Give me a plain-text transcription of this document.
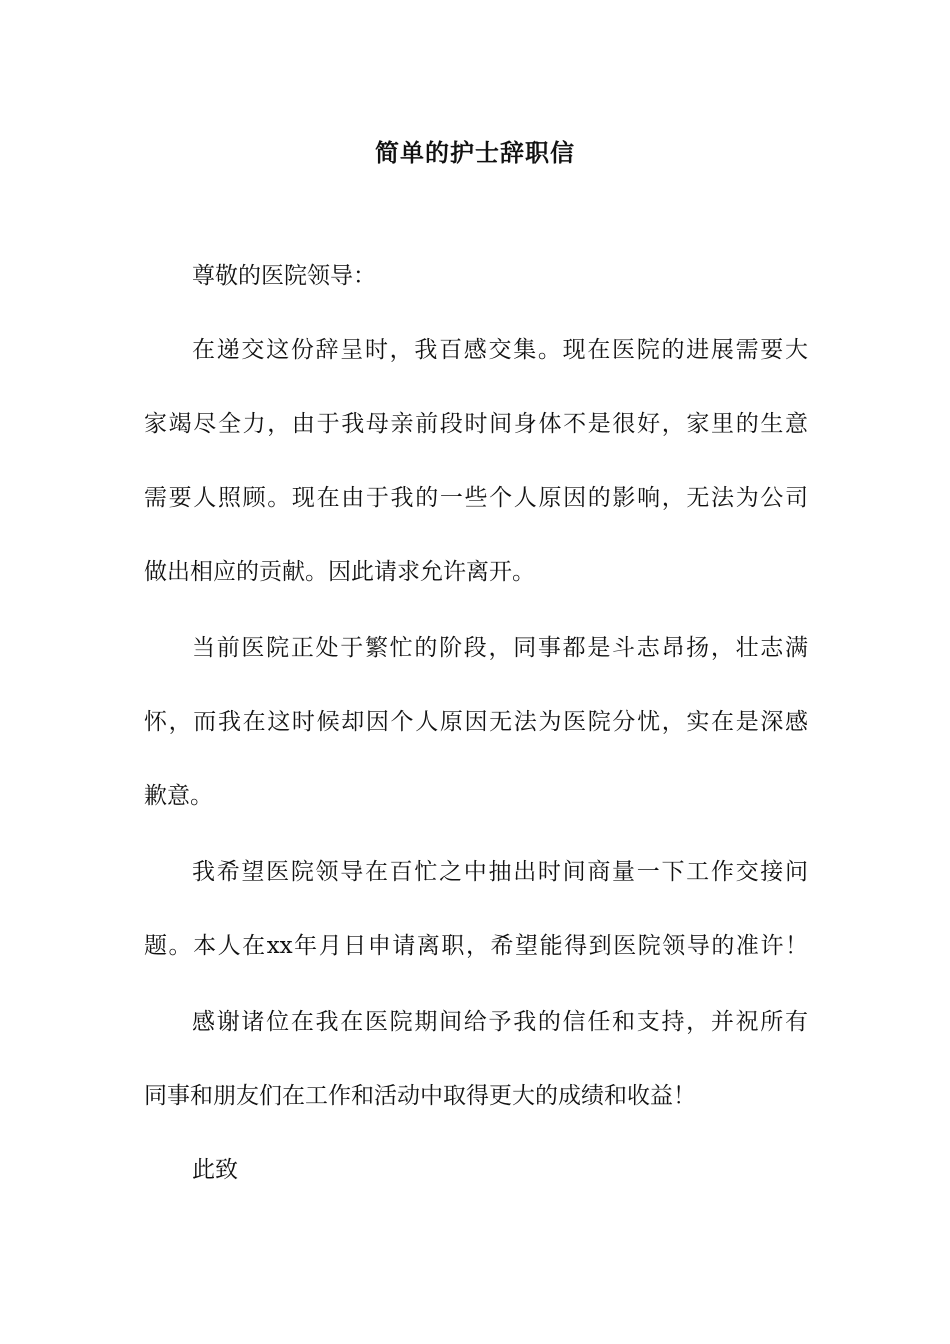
简单的护士辞职信
尊敬的医院领导：
在递交这份辞呈时，我百感交集。现在医院的进展需要大
家竭尽全力，由于我母亲前段时间身体不是很好，家里的生意
需要人照顾。现在由于我的一些个人原因的影响，无法为公司
做出相应的贡献。因此请求允许离开。
当前医院正处于繁忙的阶段，同事都是斗志昂扬，壮志满
怀，而我在这时候却因个人原因无法为医院分忧，实在是深感
歉意。
我希望医院领导在百忙之中抽出时间商量一下工作交接问
题。本人在xx年月日申请离职，希望能得到医院领导的准许！
感谢诸位在我在医院期间给予我的信任和支持，并祝所有
同事和朋友们在工作和活动中取得更大的成绩和收益！
此致
